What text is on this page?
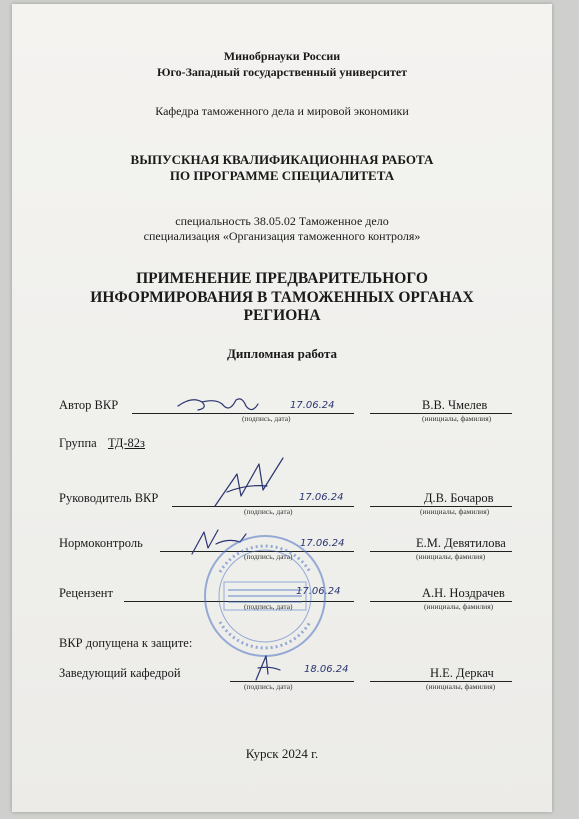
Минобрнауки России
Юго-Западный государственный университет
Кафедра таможенного дела и мировой экономики
ВЫПУСКНАЯ КВАЛИФИКАЦИОННАЯ РАБОТА
ПО ПРОГРАММЕ СПЕЦИАЛИТЕТА
специальность 38.05.02 Таможенное дело
специализация «Организация таможенного контроля»
ПРИМЕНЕНИЕ ПРЕДВАРИТЕЛЬНОГО
ИНФОРМИРОВАНИЯ В ТАМОЖЕННЫХ ОРГАНАХ
РЕГИОНА
Дипломная работа
Автор ВКР
(подпись, дата)
В.В. Чмелев
(инициалы, фамилия)
17.06.24
Группа ТД-82з
Руководитель ВКР
(подпись, дата)
Д.В. Бочаров
(инициалы, фамилия)
17.06.24
Нормоконтроль
(подпись, дата)
Е.М. Девятилова
(инициалы, фамилия)
17.06.24
Рецензент
(подпись, дата)
А.Н. Ноздрачев
(инициалы, фамилия)
17.06.24
ВКР допущена к защите:
Заведующий кафедрой
(подпись, дата)
Н.Е. Деркач
(инициалы, фамилия)
18.06.24
Курск 2024 г.
